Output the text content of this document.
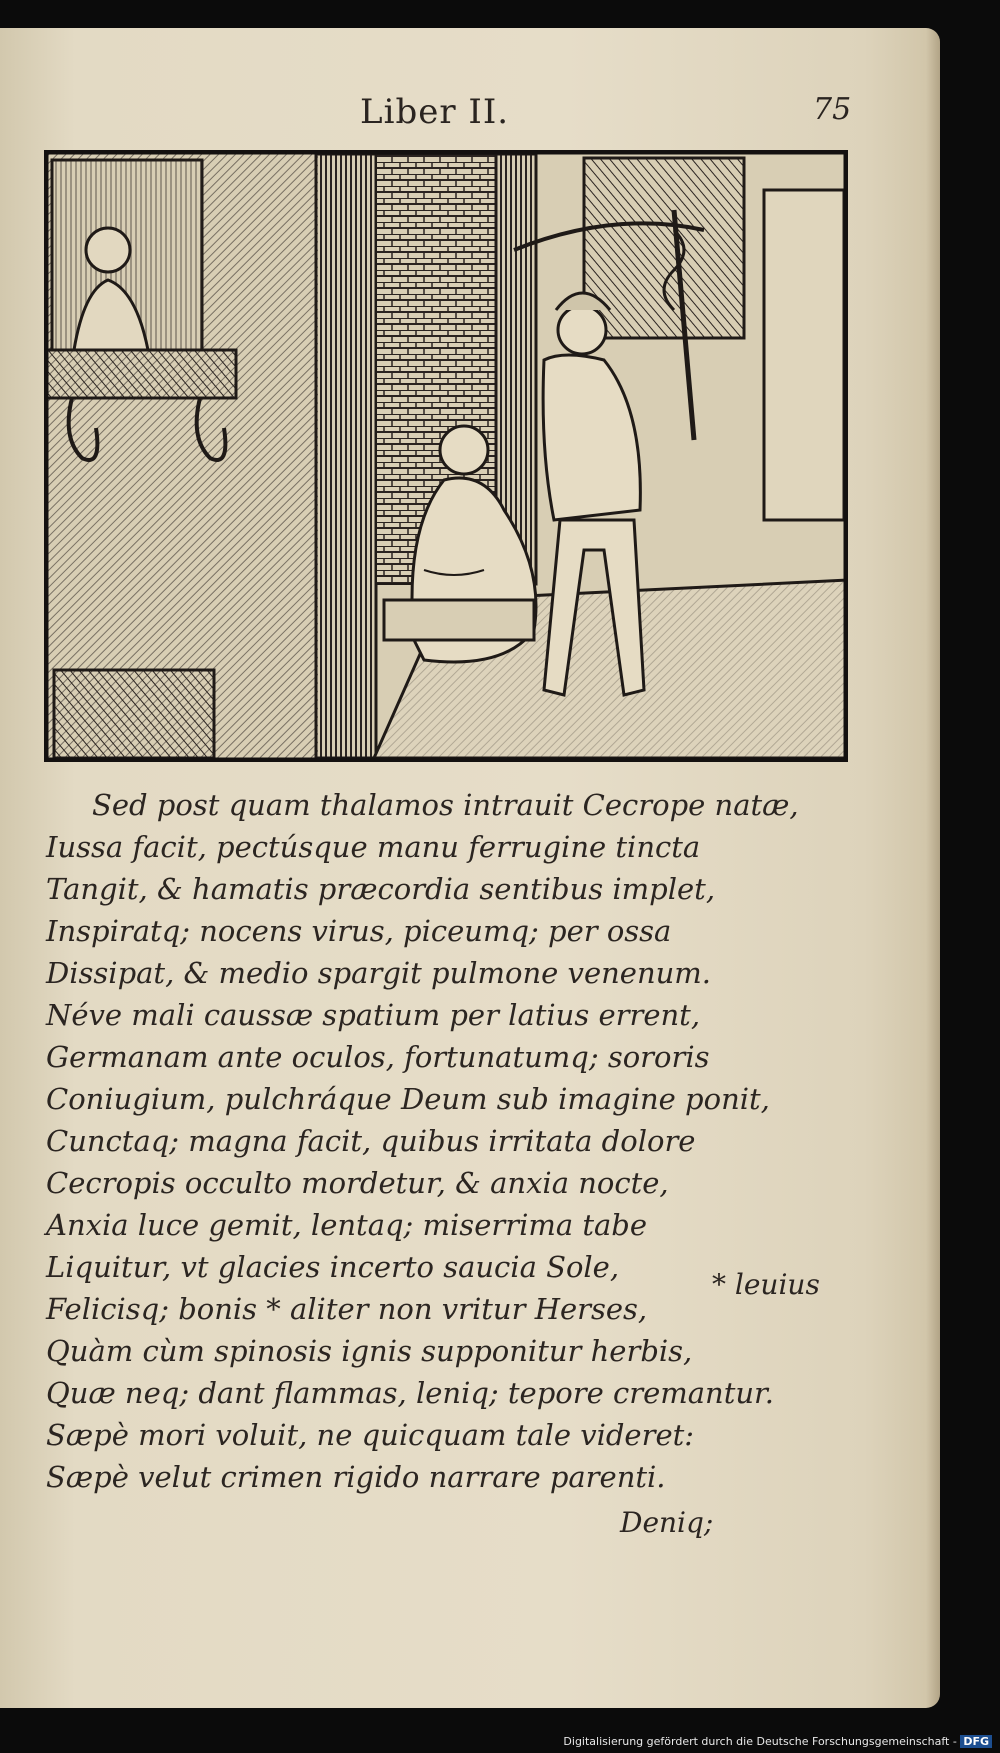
Liber II.	75
Sed post quam thalamos intrauit Cecrope natæ,
Iussa facit, pectúsque manu ferrugine tincta
Tangit, & hamatis præcordia sentibus implet,
Inspiratq; nocens virus, piceumq; per ossa
Dissipat, & medio spargit pulmone venenum.
Néve mali caussæ spatium per latius errent,
Germanam ante oculos, fortunatumq; sororis
Coniugium, pulchráque Deum sub imagine ponit,
Cunctaq; magna facit, quibus irritata dolore
Cecropis occulto mordetur, & anxia nocte,
Anxia luce gemit, lentaq; miserrima tabe
Liquitur, vt glacies incerto saucia Sole,
Felicisq; bonis * aliter non vritur Herses,
Quàm cùm spinosis ignis supponitur herbis,
Quæ neq; dant flammas, leniq; tepore cremantur.
Sæpè mori voluit, ne quicquam tale videret:
Sæpè velut crimen rigido narrare parenti.
* leuius
Deniq;
Digitalisierung gefördert durch die Deutsche Forschungsgemeinschaft - DFG
